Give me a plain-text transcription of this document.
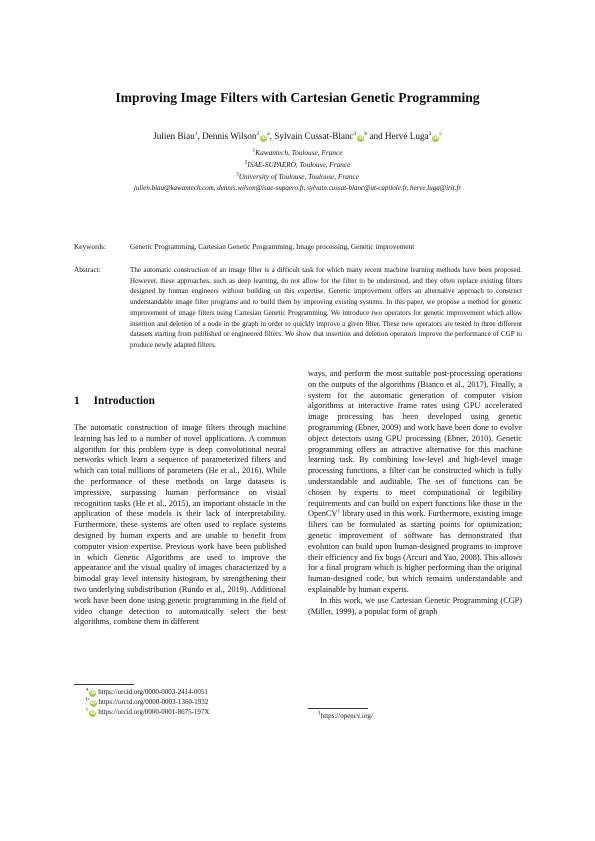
Improving Image Filters with Cartesian Genetic Programming
Julien Biau$^1$, Dennis $Wilson^2iD^a$, Sylvain Cussat-$Blanc^3iD^b$ and Hervé $Luga^3iD^c$
$^1$Kawantech, Toulouse, France
$^2$ISAE-SUPAERO, Toulouse, France
$^3$University of Toulouse, Toulouse, France
julien.biau@kawantech.com, dennis.wilson@isae-supaero.fr, sylvain.cussat-blanc@ut-capitole.fr, herve.luga@irit.fr
Keywords:	Genetic Programming, Cartesian Genetic Programming, Image processing, Genetic improvement
Abstract:	The automatic construction of an image filter is a difficult task for which many recent machine learning methods have been proposed. However, these approaches, such as deep learning, do not allow for the filter to be understood, and they often replace existing filters designed by human engineers without building on this expertise. Genetic improvement offers an alternative approach to construct understandable image filter programs and to build them by improving existing systems. In this paper, we propose a method for genetic improvement of image filters using Cartesian Genetic Programming. We introduce two operators for genetic improvement which allow insertion and deletion of a node in the graph in order to quickly improve a given filter. These new operators are tested in three different datasets starting from published or engineered filters. We show that insertion and deletion operators improve the performance of CGP to produce newly adapted filters.
1 Introduction

The automatic construction of image filters through machine learning has led to a number of novel applications. A common algorithm for this problem type is deep convolutional neural networks which learn a sequence of parameterized filters and which can total millions of parameters (He et al., 2016). While the performance of these methods on large datasets is impressive, surpassing human performance on visual recognition tasks (He et al., 2015), an important obstacle in the application of these models is their lack of interpretability. Furthermore, these systems are often used to replace systems designed by human experts and are unable to benefit from computer vision expertise. Previous work have been published in which Genetic Algorithms are used to improve the appearance and the visual quality of images characterized by a bimodal gray level intensity histogram, by strengthening their two underlying subdistribution (Rundo et al., 2019). Additional work have been done using genetic programming in the field of video change detection to automatically select the best algorithms, combine them in different

ways, and perform the most suitable post-processing operations on the outputs of the algorithms (Bianco et al., 2017). Finally, a system for the automatic generation of computer vision algorithms at interactive frame rates using GPU accelerated image processing has been developed using genetic programming (Ebner, 2009) and work have been done to evolve object detectors using GPU processing (Ebner, 2010). Genetic programming offers an attractive alternative for this machine learning task. By combining low-level and high-level image processing functions, a filter can be constructed which is fully understandable and auditable. The set of functions can be chosen by experts to meet computational or legibility requirements and can build on expert functions like those in the OpenCV$^1$ library used in this work. Furthermore, existing image filters can be formulated as starting points for optimization; genetic improvement of software has demonstrated that evolution can build upon human-designed programs to improve their efficiency and fix bugs (Arcuri and Yao, 2008). This allows for a final program which is higher performing than the original human-designed code, but which remains understandable and explainable by human experts.

In this work, we use Cartesian Genetic Programming (CGP) (Miller, 1999), a popular form of graph

$^a$iD https://orcid.org/0000-0003-2414-0051
$^b$iD https://orcid.org/0000-0003-1360-1932
$^c$iD https://orcid.org/0000-0001-8675-197X	$^1$https://opencv.org/
